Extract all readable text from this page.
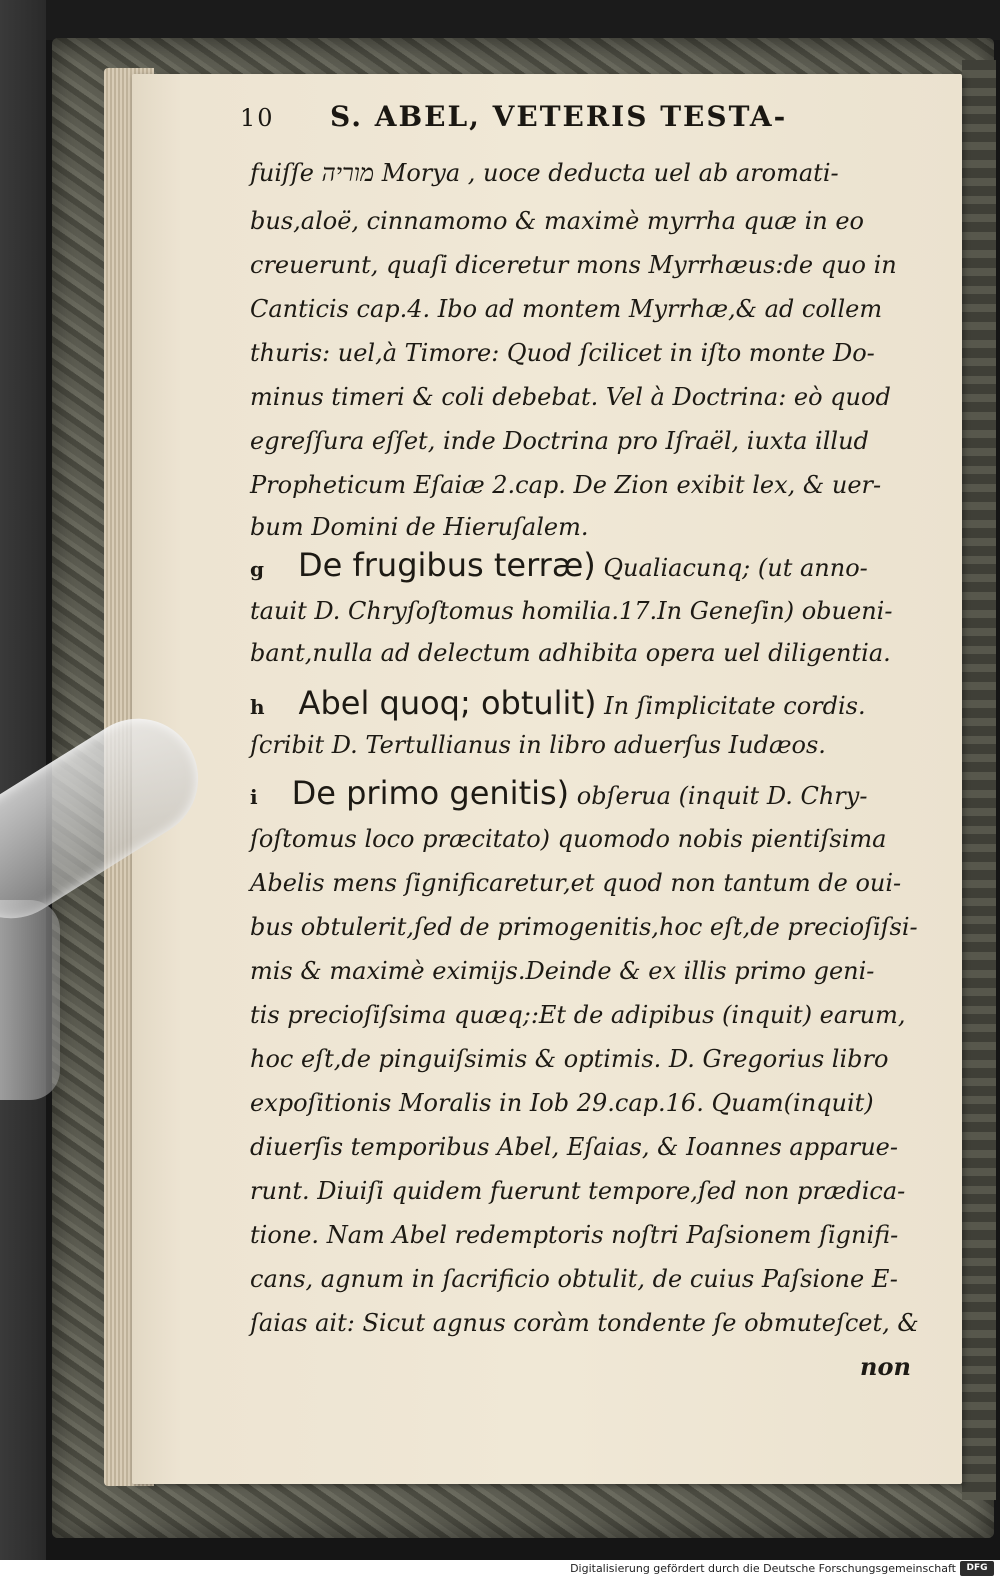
10 S. ABEL, VETERIS TESTA-
fuiſſe מוריה Morya , uoce deducta uel ab aromati-
bus,aloë, cinnamomo & maximè myrrha quæ in eo
creuerunt, quaſi diceretur mons Myrrhæus:de quo in
Canticis cap.4. Ibo ad montem Myrrhæ,& ad collem
thuris: uel,à Timore: Quod ſcilicet in iſto monte Do-
minus timeri & coli debebat. Vel à Doctrina: eò quod
egreſſura eſſet, inde Doctrina pro Iſraël, iuxta illud
Propheticum Eſaiæ 2.cap. De Zion exibit lex, & uer-
bum Domini de Hieruſalem.
g De frugibus terræ) Qualiacunq; (ut anno-
tauit D. Chryſoſtomus homilia.17.In Geneſin) obueni-
bant,nulla ad delectum adhibita opera uel diligentia.
h Abel quoq; obtulit) In ſimplicitate cordis.
ſcribit D. Tertullianus in libro aduerſus Iudæos.
i De primo genitis) obſerua (inquit D. Chry-
ſoſtomus loco præcitato) quomodo nobis pientiſsima
Abelis mens ſignificaretur,et quod non tantum de oui-
bus obtulerit,ſed de primogenitis,hoc eſt,de precioſiſsi-
mis & maximè eximijs.Deinde & ex illis primo geni-
tis precioſiſsima quæq;:Et de adipibus (inquit) earum,
hoc eſt,de pinguiſsimis & optimis. D. Gregorius libro
expoſitionis Moralis in Iob 29.cap.16. Quam(inquit)
diuerſis temporibus Abel, Eſaias, & Ioannes apparue-
runt. Diuiſi quidem fuerunt tempore,ſed non prædica-
tione. Nam Abel redemptoris noſtri Paſsionem ſignifi-
cans, agnum in ſacrificio obtulit, de cuius Paſsione E-
ſaias ait: Sicut agnus coràm tondente ſe obmuteſcet, &
non
Digitalisierung gefördert durch die Deutsche Forschungsgemeinschaft	DFG
